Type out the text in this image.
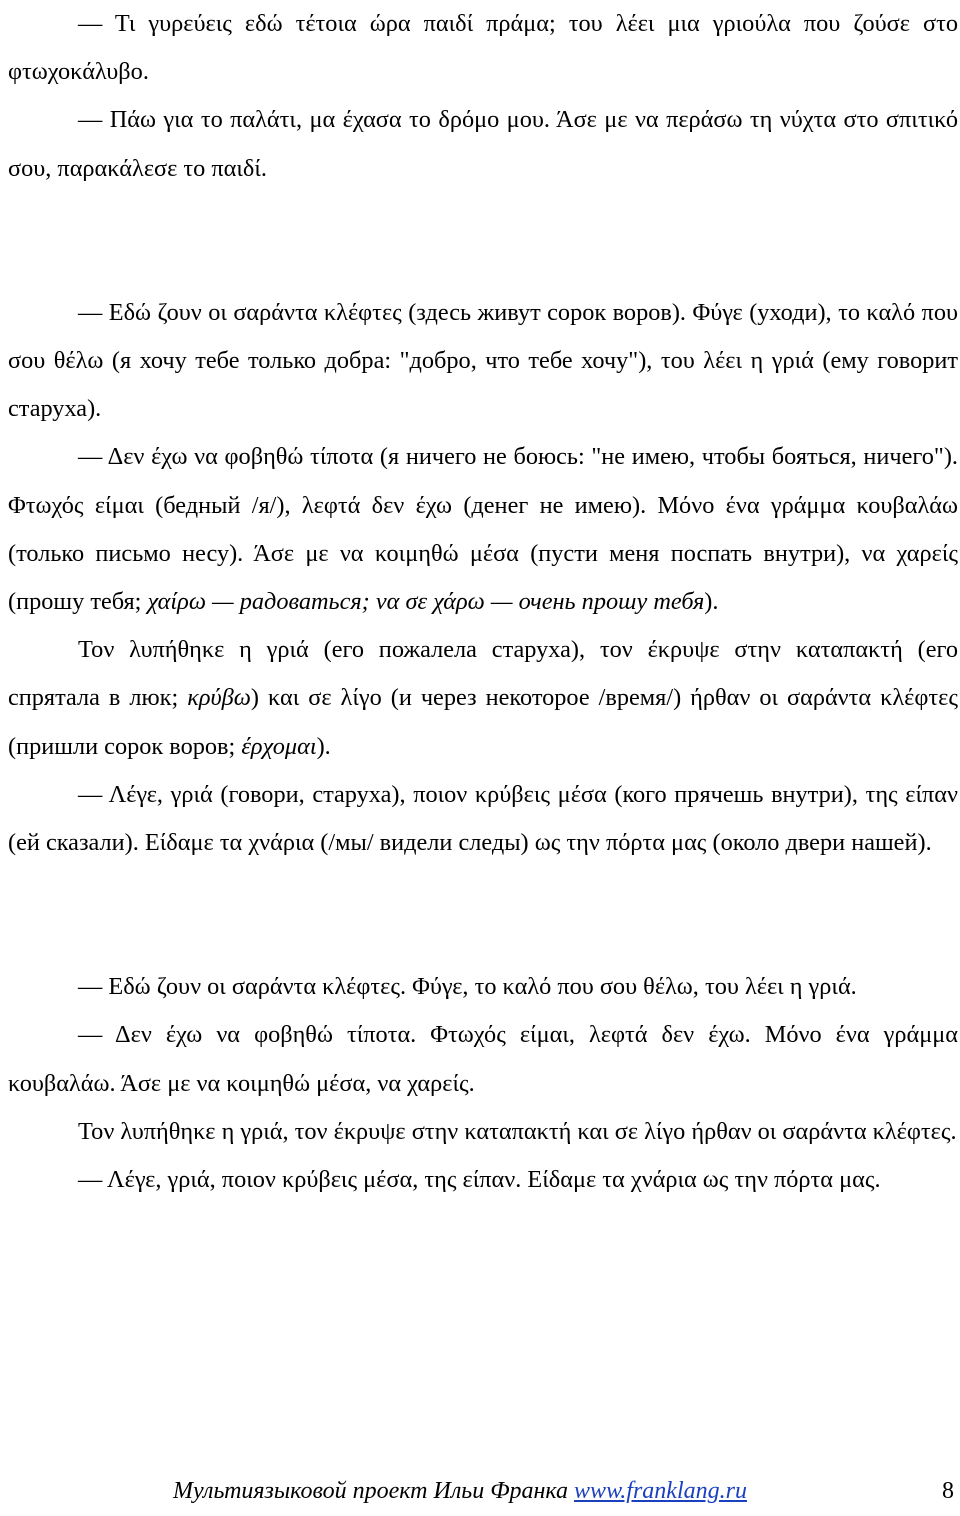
— Τι γυρεύεις εδώ τέτοια ώρα παιδί πράμα; του λέει μια γριούλα που ζούσε στο φτωχοκάλυβο.

— Πάω για το παλάτι, μα έχασα το δρόμο μου. Άσε με να περάσω τη νύχτα στο σπιτικό σου, παρακάλεσε το παιδί.

— Εδώ ζουν οι σαράντα κλέφτες (здесь живут сорок воров). Φύγε (уходи), το καλό που σου θέλω (я хочу тебе только добра: "добро, что тебе хочу"), του λέει η γριά (ему говорит старуха).

— Δεν έχω να φοβηθώ τίποτα (я ничего не боюсь: "не имею, чтобы бояться, ничего"). Φτωχός είμαι (бедный /я/), λεφτά δεν έχω (денег не имею). Μόνο ένα γράμμα κουβαλάω (только письмо несу). Άσε με να κοιμηθώ μέσα (пусти меня поспать внутри), να χαρείς (прошу тебя; χαίρω — радоваться; να σε χάρω — очень прошу тебя).

Τον λυπήθηκε η γριά (его пожалела старуха), τον έκρυψε στην καταπακτή (его спрятала в люк; κρύβω) και σε λίγο (и через некоторое /время/) ήρθαν οι σαράντα κλέφτες (пришли сорок воров; έρχομαι).

— Λέγε, γριά (говори, старуха), ποιον κρύβεις μέσα (кого прячешь внутри), της είπαν (ей сказали). Είδαμε τα χνάρια (/мы/ видели следы) ως την πόρτα μας (около двери нашей).

— Εδώ ζουν οι σαράντα κλέφτες. Φύγε, το καλό που σου θέλω, του λέει η γριά.

— Δεν έχω να φοβηθώ τίποτα. Φτωχός είμαι, λεφτά δεν έχω. Μόνο ένα γράμμα κουβαλάω. Άσε με να κοιμηθώ μέσα, να χαρείς.

Τον λυπήθηκε η γριά, τον έκρυψε στην καταπακτή και σε λίγο ήρθαν οι σαράντα κλέφτες.

— Λέγε, γριά, ποιον κρύβεις μέσα, της είπαν. Είδαμε τα χνάρια ως την πόρτα μας.

Мультиязыковой проект Ильи Франка www.franklang.ru	8
